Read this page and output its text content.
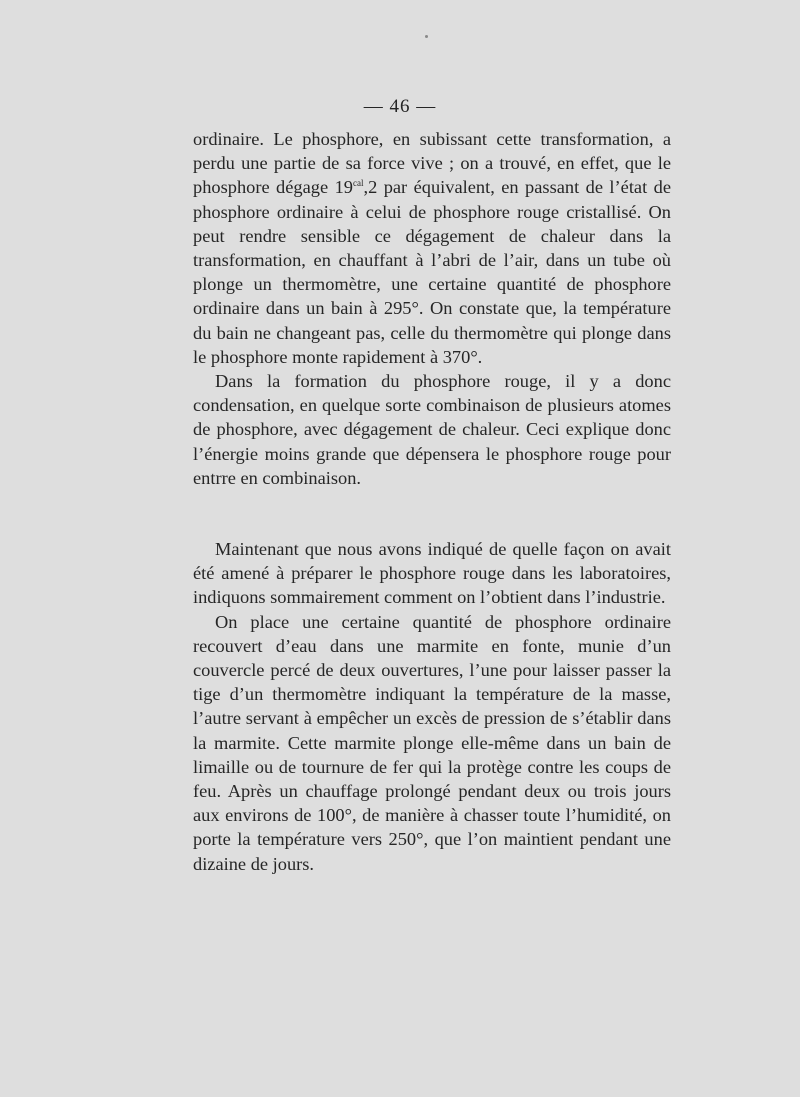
— 46 —

ordinaire. Le phosphore, en subissant cette transformation, a perdu une partie de sa force vive ; on a trouvé, en effet, que le phosphore dégage $19^{cal},2$ par équivalent, en passant de l’état de phosphore ordinaire à celui de phosphore rouge cristallisé. On peut rendre sensible ce dégagement de chaleur dans la transformation, en chauffant à l’abri de l’air, dans un tube où plonge un thermomètre, une certaine quantité de phosphore ordinaire dans un bain à 295°. On constate que, la température du bain ne changeant pas, celle du thermomètre qui plonge dans le phosphore monte rapidement à 370°.

Dans la formation du phosphore rouge, il y a donc condensation, en quelque sorte combinaison de plusieurs atomes de phosphore, avec dégagement de chaleur. Ceci explique donc l’énergie moins grande que dépensera le phosphore rouge pour entrre en combinaison.

Maintenant que nous avons indiqué de quelle façon on avait été amené à préparer le phosphore rouge dans les laboratoires, indiquons sommairement comment on l’obtient dans l’industrie.

On place une certaine quantité de phosphore ordinaire recouvert d’eau dans une marmite en fonte, munie d’un couvercle percé de deux ouvertures, l’une pour laisser passer la tige d’un thermomètre indiquant la température de la masse, l’autre servant à empêcher un excès de pression de s’établir dans la marmite. Cette marmite plonge elle-même dans un bain de limaille ou de tournure de fer qui la protège contre les coups de feu. Après un chauffage prolongé pendant deux ou trois jours aux environs de 100°, de manière à chasser toute l’humidité, on porte la température vers 250°, que l’on maintient pendant une dizaine de jours.
